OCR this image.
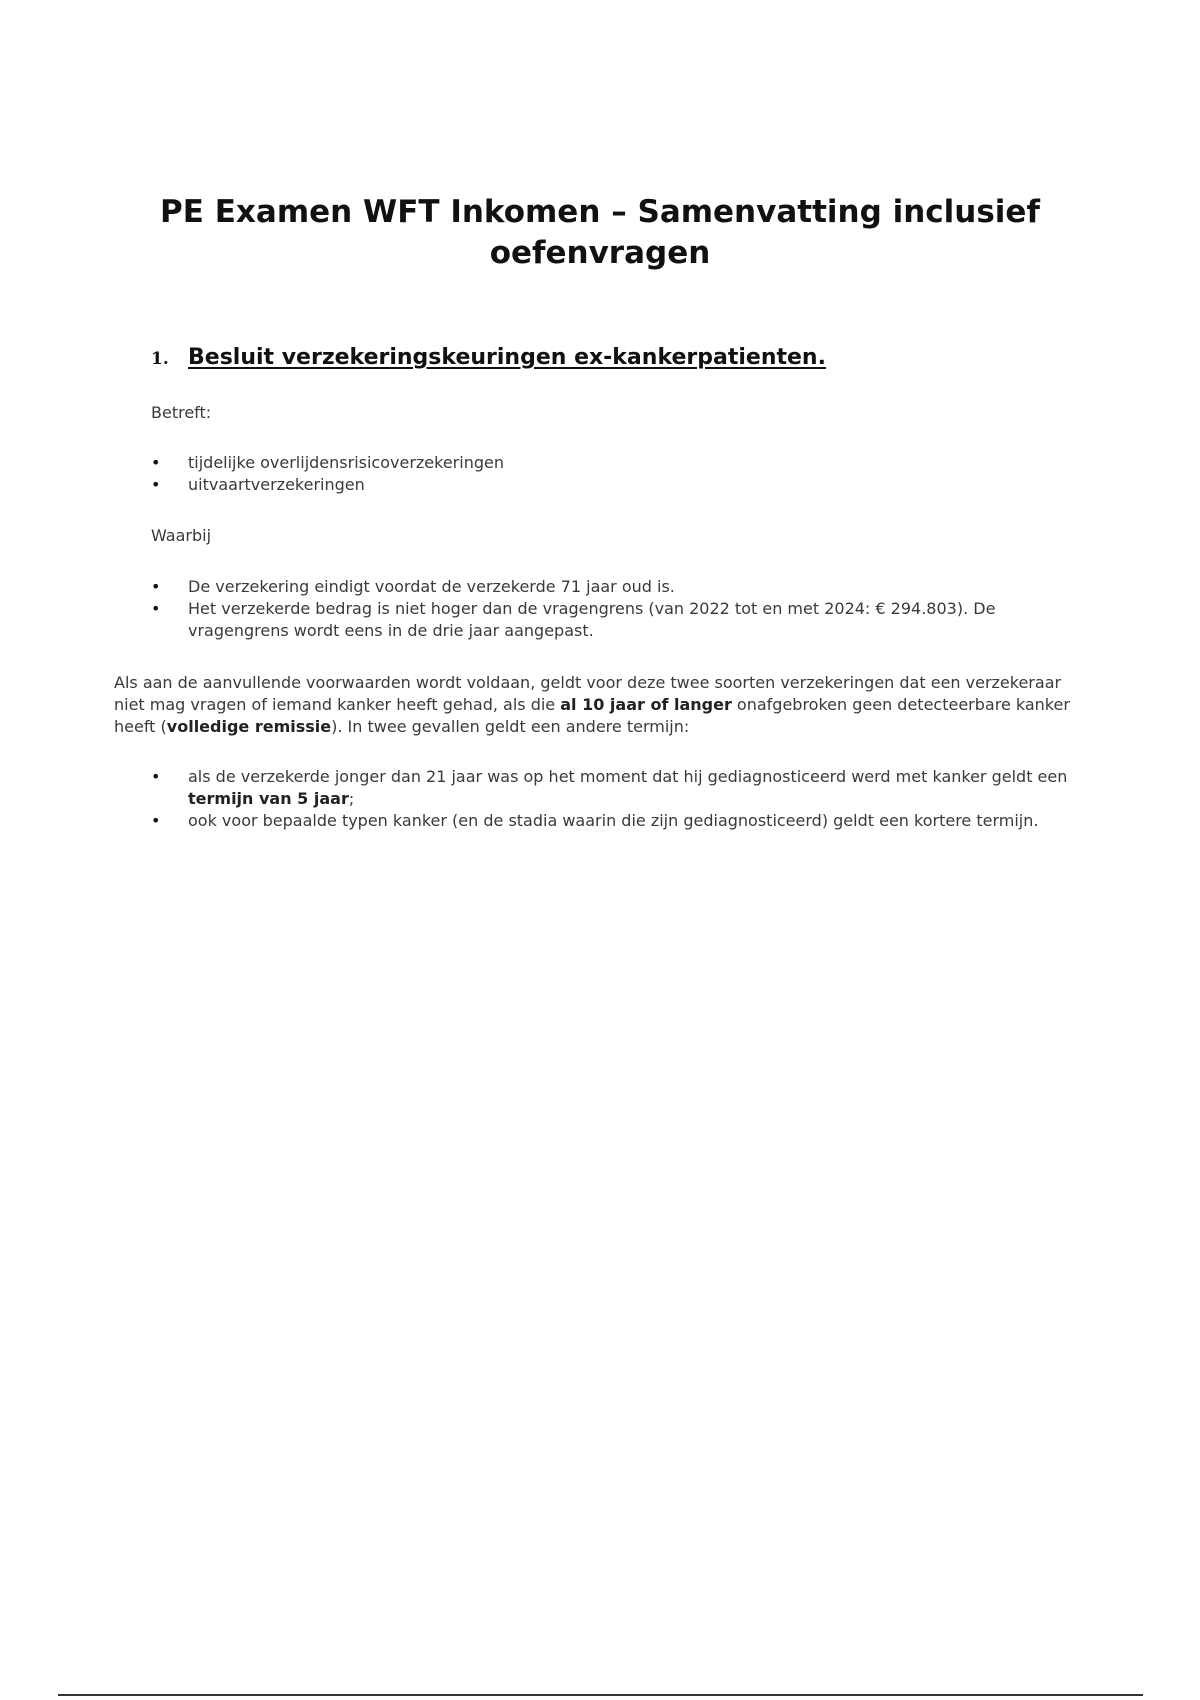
PE Examen WFT Inkomen – Samenvatting inclusief oefenvragen
1. Besluit verzekeringskeuringen ex-kankerpatienten.

Betreft:

• tijdelijke overlijdensrisicoverzekeringen
• uitvaartverzekeringen

Waarbij

• De verzekering eindigt voordat de verzekerde 71 jaar oud is.
• Het verzekerde bedrag is niet hoger dan de vragengrens (van 2022 tot en met 2024: € 294.803). De vragengrens wordt eens in de drie jaar aangepast.

Als aan de aanvullende voorwaarden wordt voldaan, geldt voor deze twee soorten verzekeringen dat een verzekeraar niet mag vragen of iemand kanker heeft gehad, als die al 10 jaar of langer onafgebroken geen detecteerbare kanker heeft (volledige remissie). In twee gevallen geldt een andere termijn:

• als de verzekerde jonger dan 21 jaar was op het moment dat hij gediagnosticeerd werd met kanker geldt een termijn van 5 jaar;
• ook voor bepaalde typen kanker (en de stadia waarin die zijn gediagnosticeerd) geldt een kortere termijn.
